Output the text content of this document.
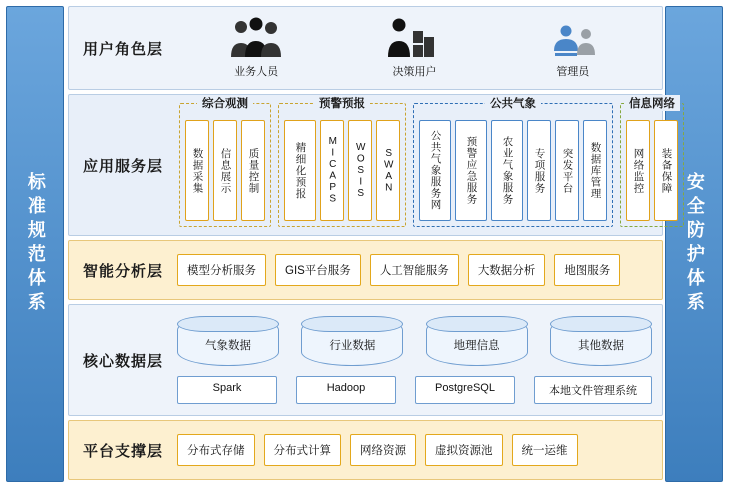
标准规范体系	安全防护体系
用户角色层
业务人员	决策用户	管理员
应用服务层
综合观测
数据采集	信息展示	质量控制
预警预报
精细化预报	MICAPS	WOSIS	SWAN
公共气象
公共气象服务网	预警应急服务	农业气象服务	专项服务	突发平台	数据库管理
信息网络
网络监控	装备保障
智能分析层	模型分析服务	GIS平台服务	人工智能服务	大数据分析	地图服务
核心数据层
气象数据	行业数据	地理信息	其他数据
Spark	Hadoop	PostgreSQL	本地文件管理系统
平台支撑层	分布式存储	分布式计算	网络资源	虚拟资源池	统一运维
